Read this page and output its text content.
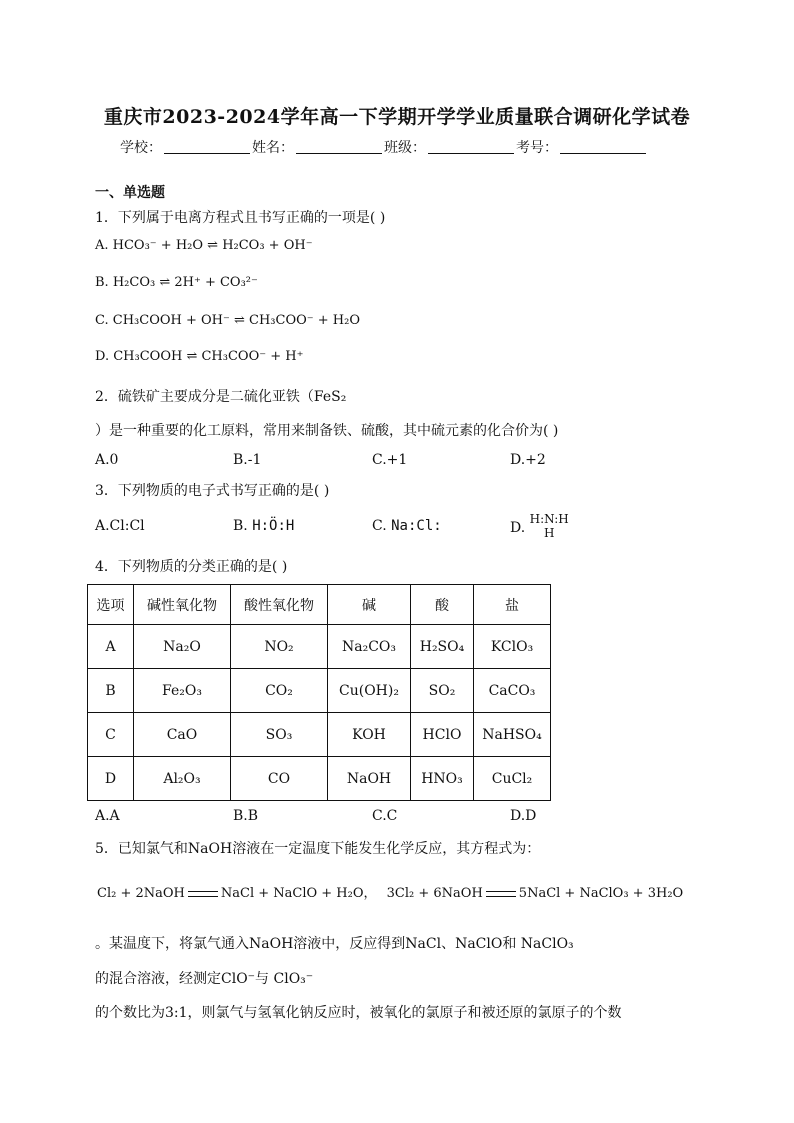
重庆市2023-2024学年高一下学期开学学业质量联合调研化学试卷
学校：	姓名：	班级：	考号：
一、单选题
1．下列属于电离方程式且书写正确的一项是( )
A. HCO₃⁻ + H₂O ⇌ H₂CO₃ + OH⁻
B. H₂CO₃ ⇌ 2H⁺ + CO₃²⁻
C. CH₃COOH + OH⁻ ⇌ CH₃COO⁻ + H₂O
D. CH₃COOH ⇌ CH₃COO⁻ + H⁺
2．硫铁矿主要成分是二硫化亚铁（FeS₂
）是一种重要的化工原料，常用来制备铁、硫酸，其中硫元素的化合价为( )
A.0	B.-1	C.+1	D.+2
3．下列物质的电子式书写正确的是( )
A.Cl:Cl	B. H:Ö:H	C. Na:Cl:	D. H:N:H
H
4．下列物质的分类正确的是( )
选项	碱性氧化物	酸性氧化物	碱	酸	盐
A	Na₂O	NO₂	Na₂CO₃	H₂SO₄	KClO₃
B	Fe₂O₃	CO₂	Cu(OH)₂	SO₂	CaCO₃
C	CaO	SO₃	KOH	HClO	NaHSO₄
D	Al₂O₃	CO	NaOH	HNO₃	CuCl₂
A.A	B.B	C.C	D.D
5．已知氯气和NaOH溶液在一定温度下能发生化学反应，其方程式为：
Cl₂ + 2NaOH	NaCl + NaClO + H₂O， 3Cl₂ + 6NaOH	5NaCl + NaClO₃ + 3H₂O
。某温度下，将氯气通入NaOH溶液中，反应得到NaCl、NaClO和 NaClO₃
的混合溶液，经测定ClO⁻与 ClO₃⁻
的个数比为3:1，则氯气与氢氧化钠反应时，被氧化的氯原子和被还原的氯原子的个数
